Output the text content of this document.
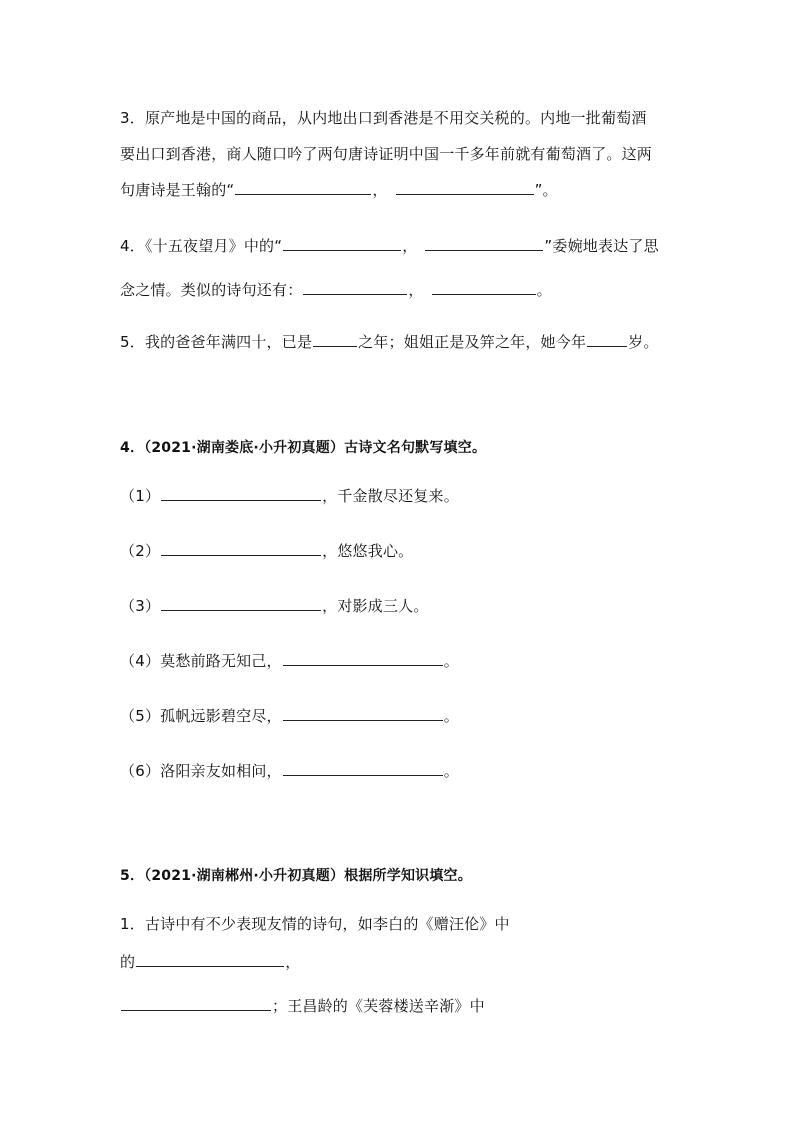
3．原产地是中国的商品，从内地出口到香港是不用交关税的。内地一批葡萄酒
要出口到香港，商人随口吟了两句唐诗证明中国一千多年前就有葡萄酒了。这两
句唐诗是王翰的“	，	”。
4．《十五夜望月》中的“	，	”委婉地表达了思
念之情。类似的诗句还有：	，	。
5．我的爸爸年满四十，已是	之年；姐姐正是及笄之年，她今年	岁。
4．（2021·湖南娄底·小升初真题）古诗文名句默写填空。
（1）	，千金散尽还复来。
（2）	，悠悠我心。
（3）	，对影成三人。
（4）莫愁前路无知己，	。
（5）孤帆远影碧空尽，	。
（6）洛阳亲友如相问，	。
5．（2021·湖南郴州·小升初真题）根据所学知识填空。
1．古诗中有不少表现友情的诗句，如李白的《赠汪伦》中
的	，
；王昌龄的《芙蓉楼送辛渐》中
